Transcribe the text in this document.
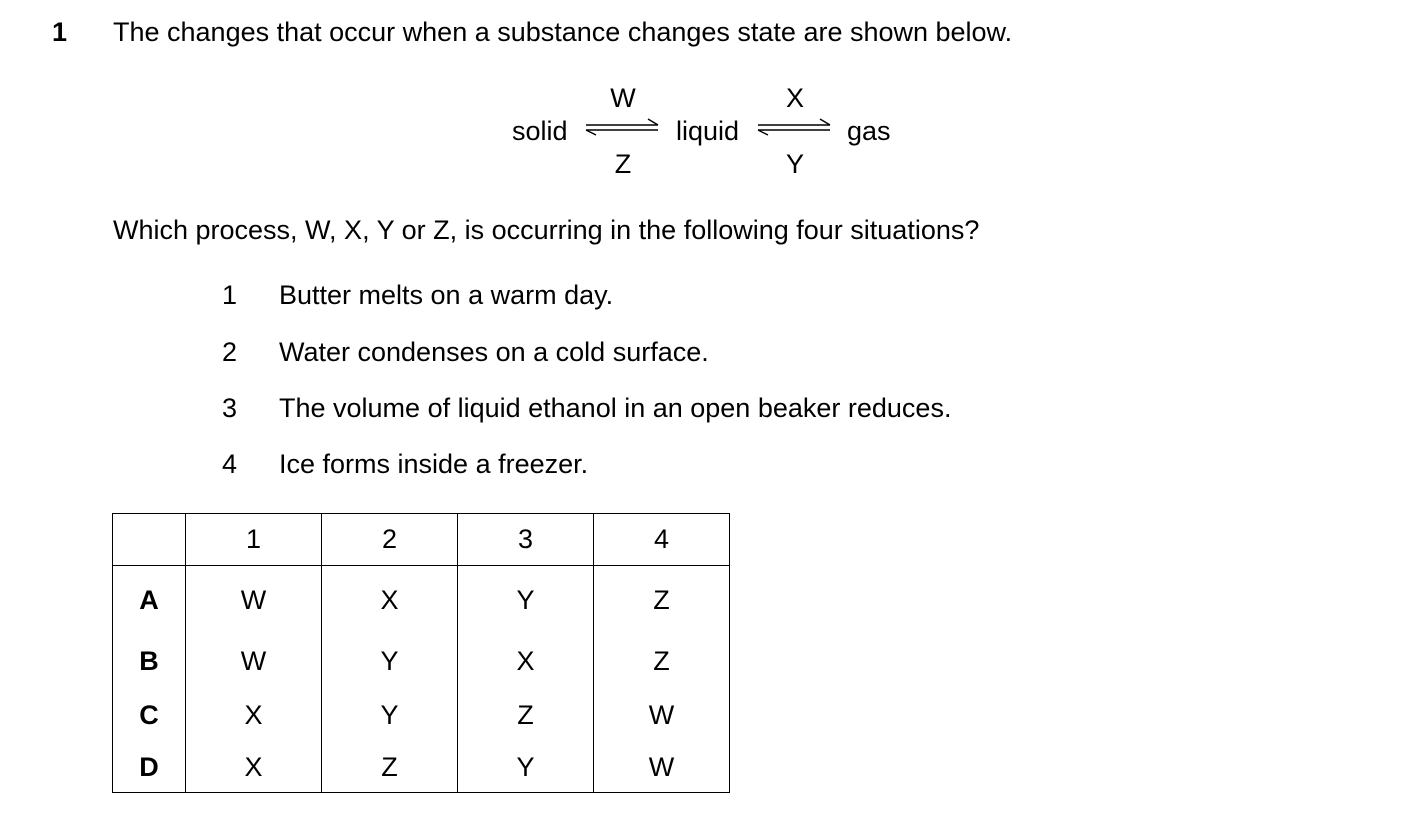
1 The changes that occur when a substance changes state are shown below.
solid
W
Z
liquid
X
Y
gas
Which process, W, X, Y or Z, is occurring in the following four situations?
1 Butter melts on a warm day.
2 Water condenses on a cold surface.
3 The volume of liquid ethanol in an open beaker reduces.
4 Ice forms inside a freezer.
	1	2	3	4
A	W	X	Y	Z
B	W	Y	X	Z
C	X	Y	Z	W
D	X	Z	Y	W
